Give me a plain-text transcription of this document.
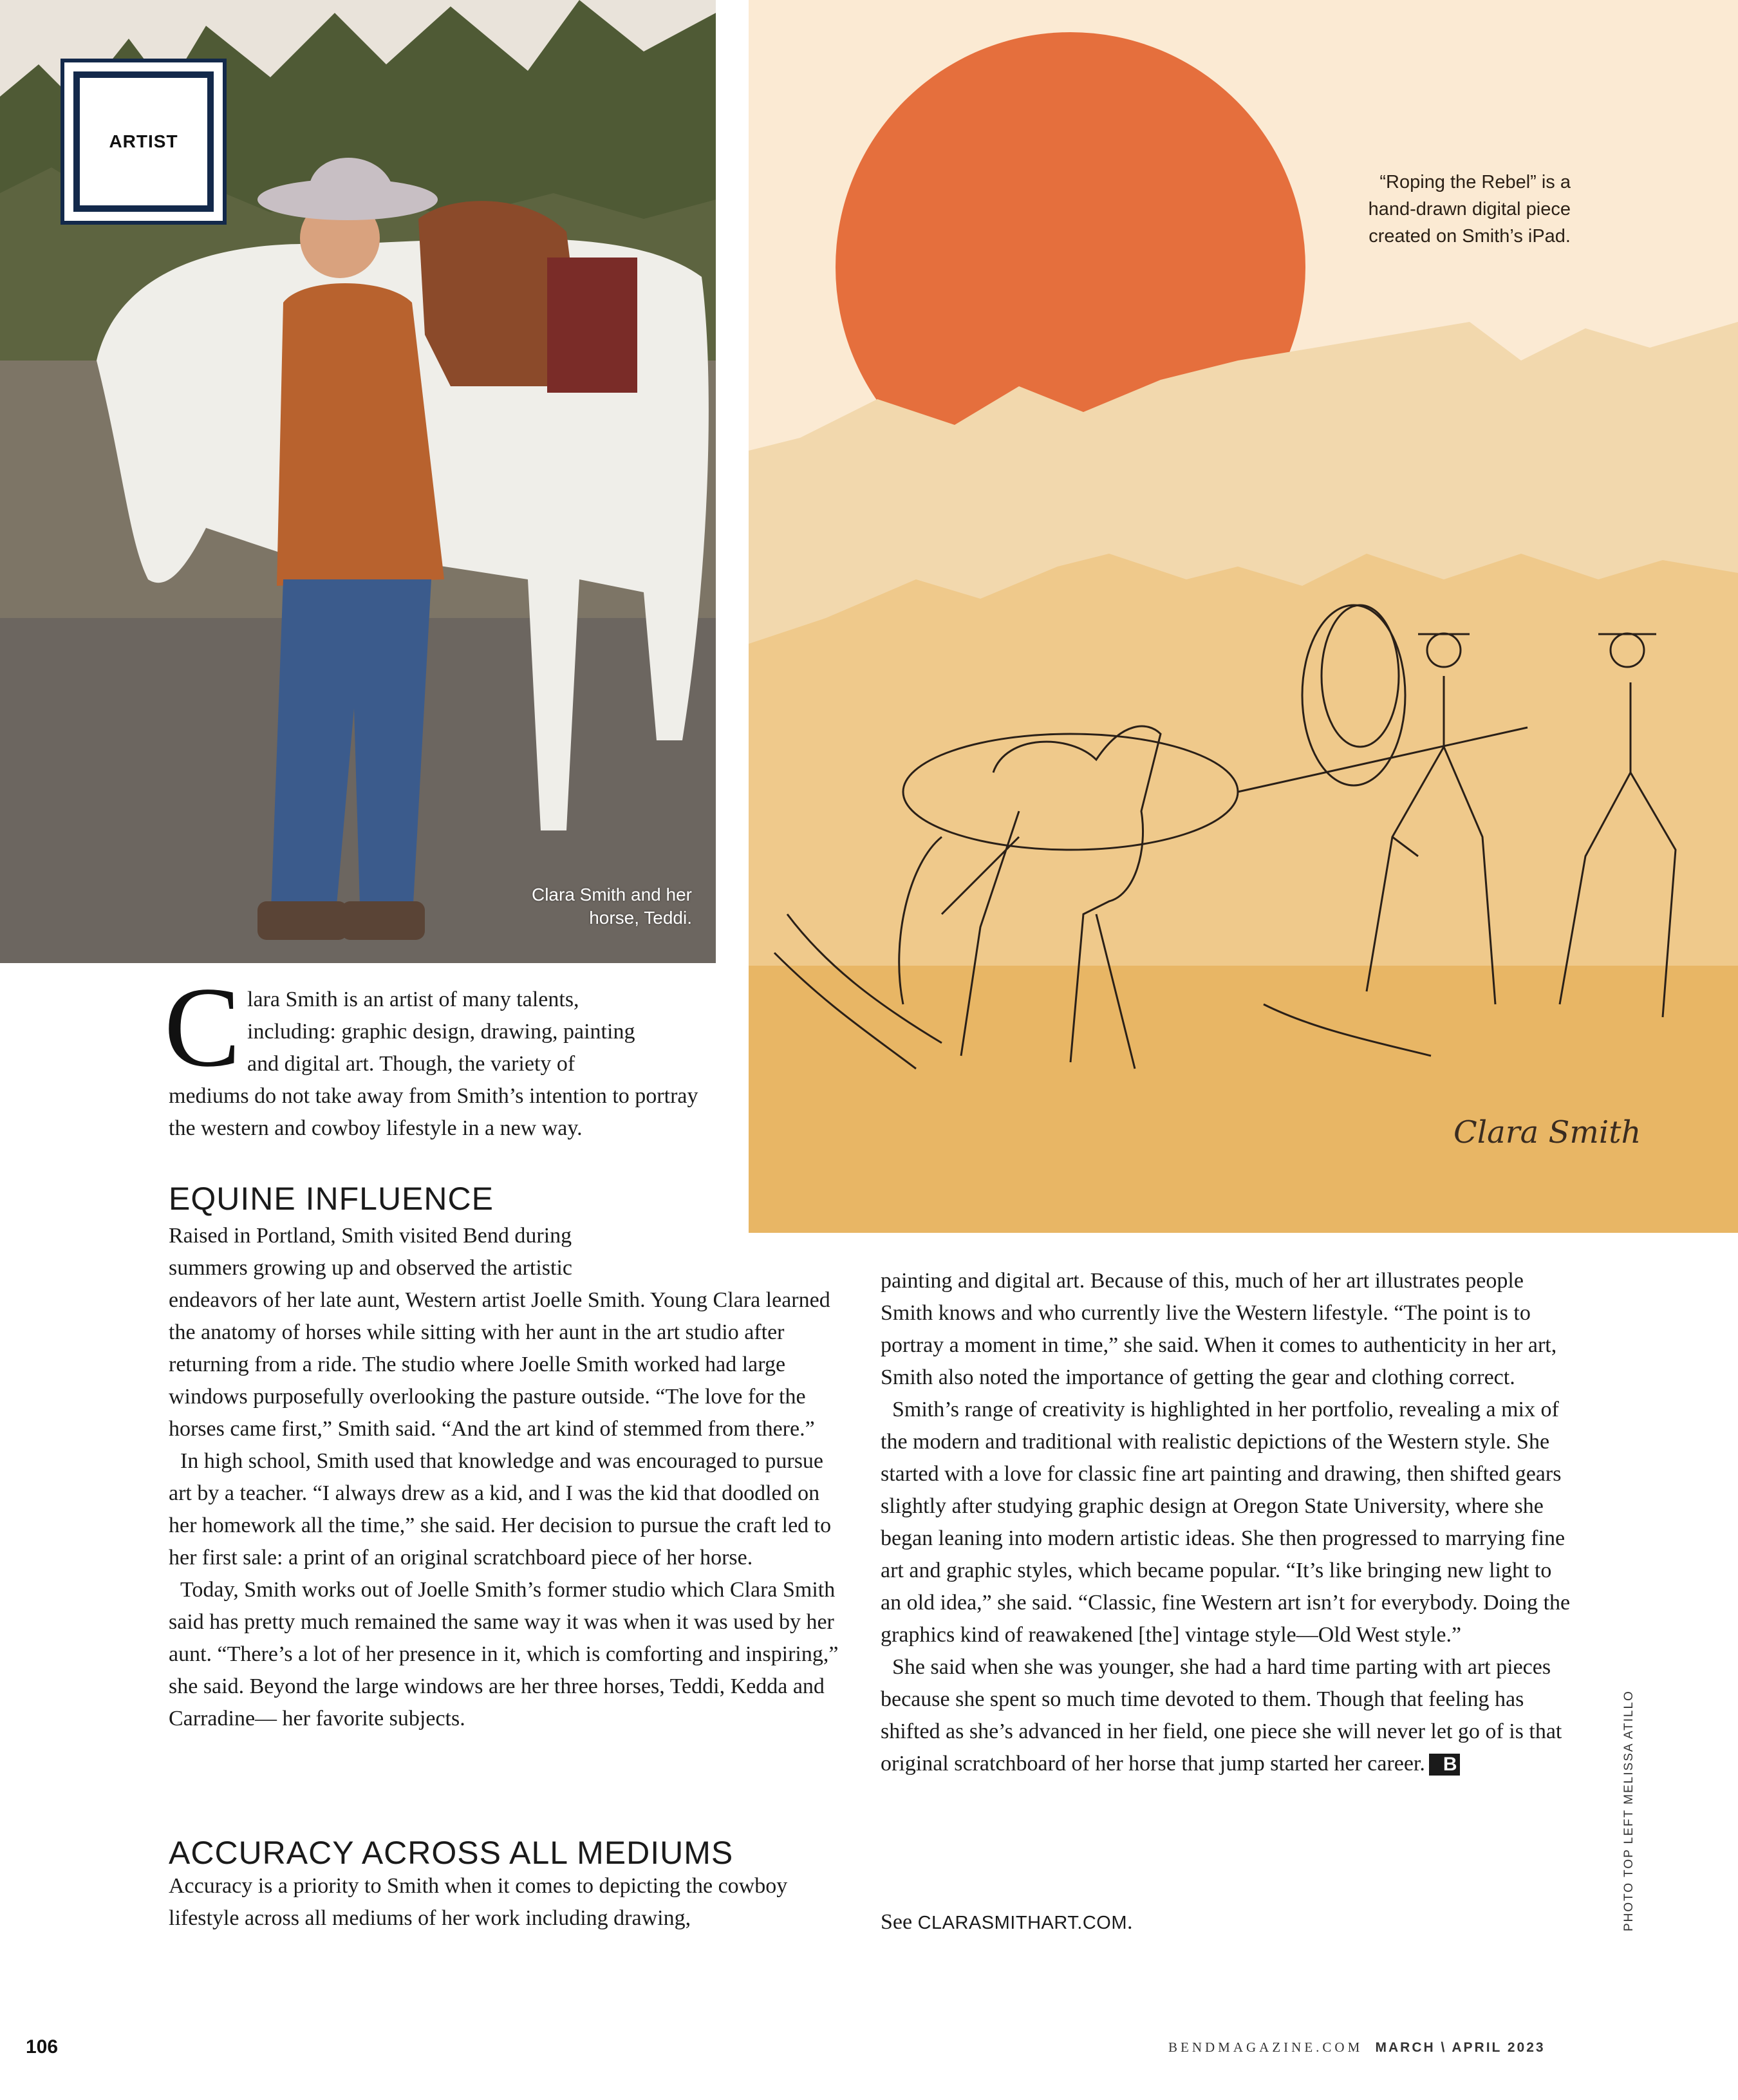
ARTIST
Clara Smith and her
horse, Teddi.
Clara Smith
“Roping the Rebel” is a
hand-drawn digital piece
created on Smith’s iPad.
C lara Smith is an artist of many talents,
including: graphic design, drawing, painting
and digital art. Though, the variety of
mediums do not take away from Smith’s intention to portray the western and cowboy lifestyle in a new way.
EQUINE INFLUENCE
Raised in Portland, Smith visited Bend during
summers growing up and observed the artistic

endeavors of her late aunt, Western artist Joelle Smith. Young Clara learned the anatomy of horses while sitting with her aunt in the art studio after returning from a ride. The studio where Joelle Smith worked had large windows purposefully overlooking the pasture outside. “The love for the horses came first,” Smith said. “And the art kind of stemmed from there.”

In high school, Smith used that knowledge and was encouraged to pursue art by a teacher. “I always drew as a kid, and I was the kid that doodled on her homework all the time,” she said. Her decision to pursue the craft led to her first sale: a print of an original scratchboard piece of her horse.

Today, Smith works out of Joelle Smith’s former studio which Clara Smith said has pretty much remained the same way it was when it was used by her aunt. “There’s a lot of her presence in it, which is comforting and inspiring,” she said. Beyond the large windows are her three horses, Teddi, Kedda and Carradine— her favorite subjects.

ACCURACY ACROSS ALL MEDIUMS

Accuracy is a priority to Smith when it comes to depicting the cowboy lifestyle across all mediums of her work including drawing,

painting and digital art. Because of this, much of her art illustrates people Smith knows and who currently live the Western lifestyle. “The point is to portray a moment in time,” she said. When it comes to authenticity in her art, Smith also noted the importance of getting the gear and clothing correct.

Smith’s range of creativity is highlighted in her portfolio, revealing a mix of the modern and traditional with realistic depictions of the Western style. She started with a love for classic fine art painting and drawing, then shifted gears slightly after studying graphic design at Oregon State University, where she began leaning into modern artistic ideas. She then progressed to marrying fine art and graphic styles, which became popular. “It’s like bringing new light to an old idea,” she said. “Classic, fine Western art isn’t for everybody. Doing the graphics kind of reawakened [the] vintage style—Old West style.”

She said when she was younger, she had a hard time parting with art pieces because she spent so much time devoted to them. Though that feeling has shifted as she’s advanced in her field, one piece she will never let go of is that original scratchboard of her horse that jump started her career. B

See CLARASMITHART.COM.	PHOTO TOP LEFT MELISSA ATILLO
106	BENDMAGAZINE.COM MARCH \ APRIL 2023
